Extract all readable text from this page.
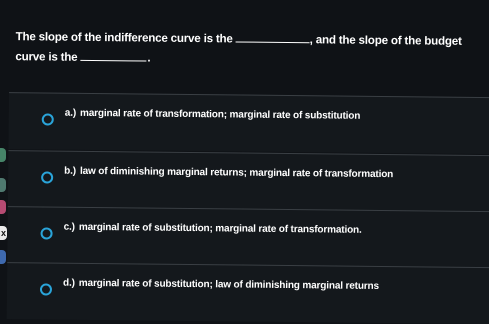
The slope of the indifference curve is the	, and the slope of the budget curve is the	.
a.) marginal rate of transformation; marginal rate of substitution
b.) law of diminishing marginal returns; marginal rate of transformation
c.) marginal rate of substitution; marginal rate of transformation.
d.) marginal rate of substitution; law of diminishing marginal returns
x
